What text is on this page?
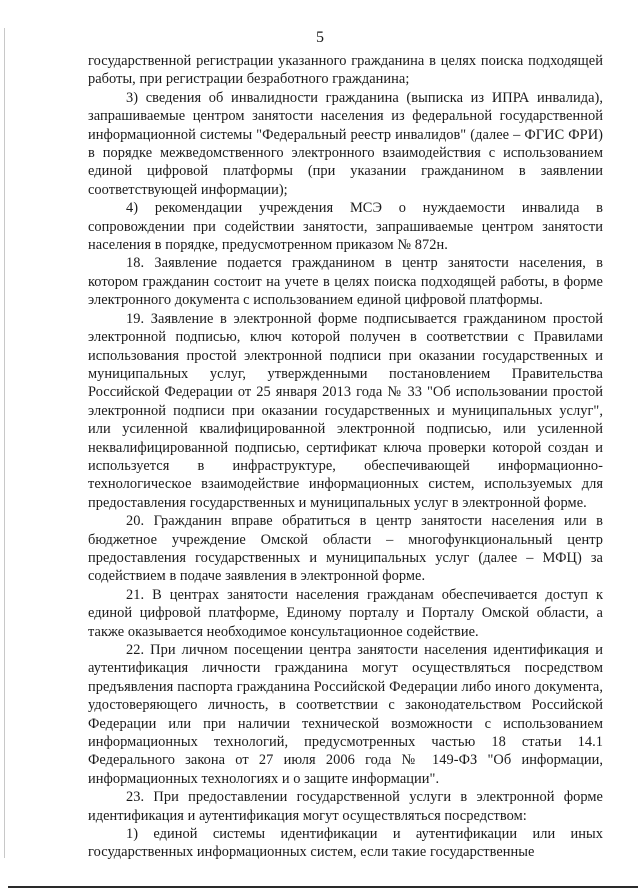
5

государственной регистрации указанного гражданина в целях поиска подходящей работы, при регистрации безработного гражданина;

3) сведения об инвалидности гражданина (выписка из ИПРА инвалида), запрашиваемые центром занятости населения из федеральной государственной информационной системы "Федеральный реестр инвалидов" (далее – ФГИС ФРИ) в порядке межведомственного электронного взаимодействия с использованием единой цифровой платформы (при указании гражданином в заявлении соответствующей информации);

4) рекомендации учреждения МСЭ о нуждаемости инвалида в сопровождении при содействии занятости, запрашиваемые центром занятости населения в порядке, предусмотренном приказом № 872н.

18. Заявление подается гражданином в центр занятости населения, в котором гражданин состоит на учете в целях поиска подходящей работы, в форме электронного документа с использованием единой цифровой платформы.

19. Заявление в электронной форме подписывается гражданином простой электронной подписью, ключ которой получен в соответствии с Правилами использования простой электронной подписи при оказании государственных и муниципальных услуг, утвержденными постановлением Правительства Российской Федерации от 25 января 2013 года № 33 "Об использовании простой электронной подписи при оказании государственных и муниципальных услуг", или усиленной квалифицированной электронной подписью, или усиленной неквалифицированной подписью, сертификат ключа проверки которой создан и используется в инфраструктуре, обеспечивающей информационно-технологическое взаимодействие информационных систем, используемых для предоставления государственных и муниципальных услуг в электронной форме.

20. Гражданин вправе обратиться в центр занятости населения или в бюджетное учреждение Омской области – многофункциональный центр предоставления государственных и муниципальных услуг (далее – МФЦ) за содействием в подаче заявления в электронной форме.

21. В центрах занятости населения гражданам обеспечивается доступ к единой цифровой платформе, Единому порталу и Порталу Омской области, а также оказывается необходимое консультационное содействие.

22. При личном посещении центра занятости населения идентификация и аутентификация личности гражданина могут осуществляться посредством предъявления паспорта гражданина Российской Федерации либо иного документа, удостоверяющего личность, в соответствии с законодательством Российской Федерации или при наличии технической возможности с использованием информационных технологий, предусмотренных частью 18 статьи 14.1 Федерального закона от 27 июля 2006 года № 149-ФЗ "Об информации, информационных технологиях и о защите информации".

23. При предоставлении государственной услуги в электронной форме идентификация и аутентификация могут осуществляться посредством:

1) единой системы идентификации и аутентификации или иных государственных информационных систем, если такие государственные
